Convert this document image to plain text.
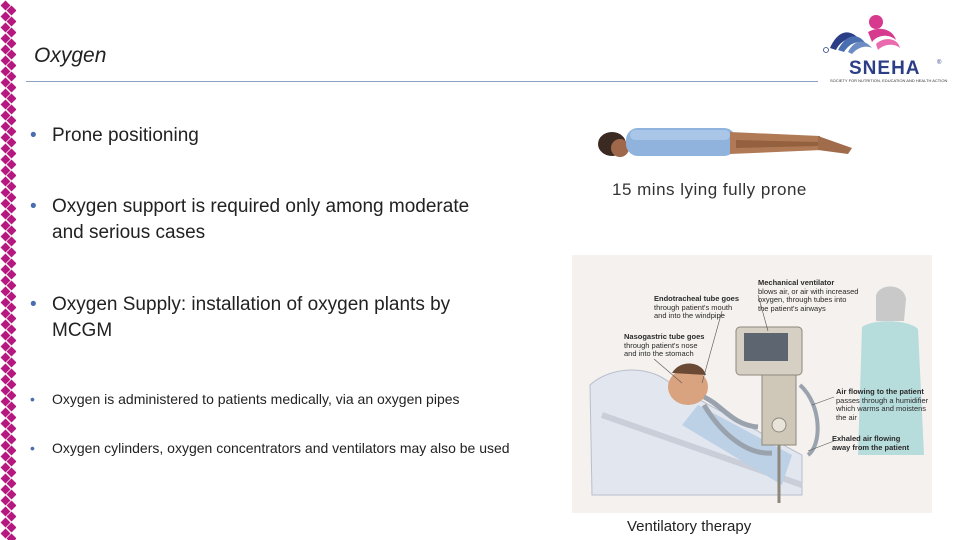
Oxygen
SNEHA	®
SOCIETY FOR NUTRITION, EDUCATION AND HEALTH ACTION
• Prone positioning
• Oxygen support is required only among moderate and serious cases
• Oxygen Supply: installation of oxygen plants by MCGM
•	Oxygen is administered to patients medically, via an oxygen pipes
•	Oxygen cylinders, oxygen concentrators and ventilators may also be used
15 mins lying fully prone
Endotracheal tube goes
through patient's mouth
and into the windpipe
Mechanical ventilator
blows air, or air with increased
oxygen, through tubes into
the patient's airways
Nasogastric tube goes
through patient's nose
and into the stomach
Air flowing to the patient
passes through a humidifier
which warms and moistens
the air
Exhaled air flowing
away from the patient
Ventilatory therapy
